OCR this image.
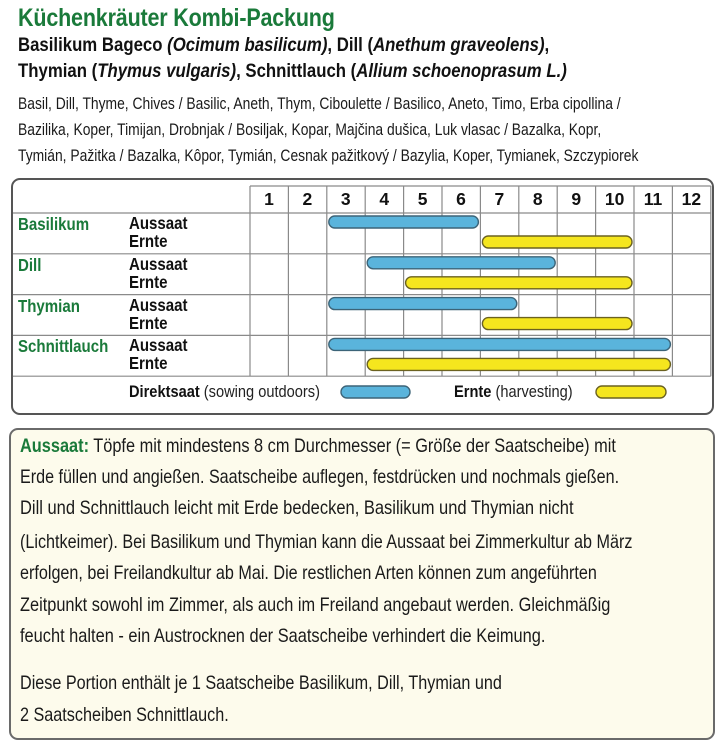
Küchenkräuter Kombi-Packung
Basilikum Bageco (Ocimum basilicum), Dill (Anethum graveolens),
Thymian (Thymus vulgaris), Schnittlauch (Allium schoenoprasum L.)
Basil, Dill, Thyme, Chives / Basilic, Aneth, Thym, Ciboulette / Basilico, Aneto, Timo, Erba cipollina /
Bazilika, Koper, Timijan, Drobnjak / Bosiljak, Kopar, Majčina dušica, Luk vlasac / Bazalka, Kopr,
Tymián, Pažitka / Bazalka, Kôpor, Tymián, Cesnak pažitkový / Bazylia, Koper, Tymianek, Szczypiorek
1	2	3	4	5	6	7	8	9	10	11	12
Basilikum Aussaat
Ernte
Dill	Aussaat
Ernte
Thymian	Aussaat
Ernte
Schnittlauch Aussaat
Ernte
Direktsaat (sowing outdoors)	Ernte (harvesting)
Aussaat: Töpfe mit mindestens 8 cm Durchmesser (= Größe der Saatscheibe) mit
Erde füllen und angießen. Saatscheibe auflegen, festdrücken und nochmals gießen.
Dill und Schnittlauch leicht mit Erde bedecken, Basilikum und Thymian nicht
(Lichtkeimer). Bei Basilikum und Thymian kann die Aussaat bei Zimmerkultur ab März
erfolgen, bei Freilandkultur ab Mai. Die restlichen Arten können zum angeführten
Zeitpunkt sowohl im Zimmer, als auch im Freiland angebaut werden. Gleichmäßig
feucht halten - ein Austrocknen der Saatscheibe verhindert die Keimung.
Diese Portion enthält je 1 Saatscheibe Basilikum, Dill, Thymian und
2 Saatscheiben Schnittlauch.
